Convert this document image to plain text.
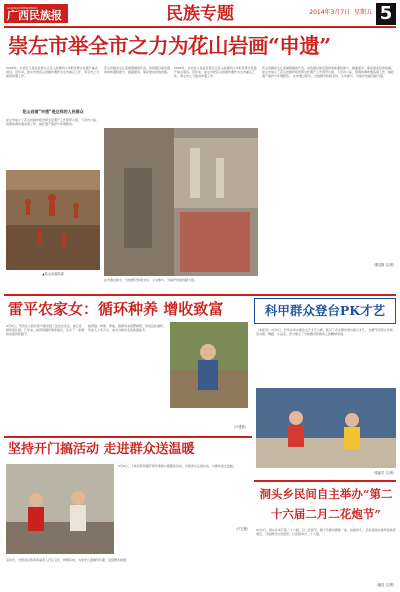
GUANGXIMINZUBAO
广西民族报	民族专题	2014年3月7日 星期五 5
崇左市举全市之力为花山岩画“申遗”
2005年，自治区人民政府将左江花山岩画列入申报世界文化遗产重点项目。近年来，崇左市把花山岩画申遗作为全市重点工作，举全市之力推进申遗工作。
花山岩画“申遗”是这样的人民群众
崇左市成立了花山岩画申报世界文化遗产工作领导小组，下设办公室，统筹协调申遗各项工作，做好遗产保护与环境整治。
▲花山岩画局部
花山岩画是左江流域壁画的代表，是我国目前发现的单体面积最大、画面最多、保存最完好的岩画。
2005年，自治区人民政府将左江花山岩画列入申报世界文化遗产重点项目。近年来，崇左市把花山岩画申遗作为全市重点工作，举全市之力推进申遗工作。
花山岩画是左江流域壁画的代表，是我国目前发现的单体面积最大、画面最多、保存最完好的岩画。 崇左市成立了花山岩画申报世界文化遗产工作领导小组，下设办公室，统筹协调申遗各项工作，做好遗产保护与环境整治。 在申遗过程中，当地群众积极支持、主动参与，为保护岩画贡献力量。
（谭启刚 文/图）
在申遗过程中，当地群众积极支持、主动参与，为保护岩画贡献力量。
雷平农家女：循环种养 增收致富
3月5日，笔者在大新县雷平镇见到了这位农家女，她正在猪场里忙碌。几年来，她利用循环种养模式，走出了一条增收致富的新路子。
她养猪、种果、养鱼，猪粪用来沤肥种果，形成良性循环，年收入十多万元，成为当地有名的致富能手。
（卢建新）
科甲群众登台PK才艺
（本报讯）3月5日，科甲乡举办群众文艺才艺大赛，吸引了众多群众登台展示才艺。 比赛节目形式多样，有山歌、舞蹈、小品等，充分展示了当地群众积极向上的精神风貌。
（梁丽芳 文/图）
坚持开门搞活动 走进群众送温暖
3月5日，上林县巷贤镇开展学雷锋志愿服务活动，志愿者们走进村屯，为群众送去温暖。
活动中，志愿者们帮助孤寡老人打扫卫生、修理家电，为留守儿童辅导功课，受到群众称赞。
（卢宏俊）
洞头乡民间自主举办“第二十六届二月二花炮节”
3月2日，洞头乡举行第二十六届二月二花炮节，数千名群众聚集一堂，热闹非凡。 抢花炮是壮族传统体育项目，当地群众自发组织，已连续举办二十六届。
（潘进 文/图）
